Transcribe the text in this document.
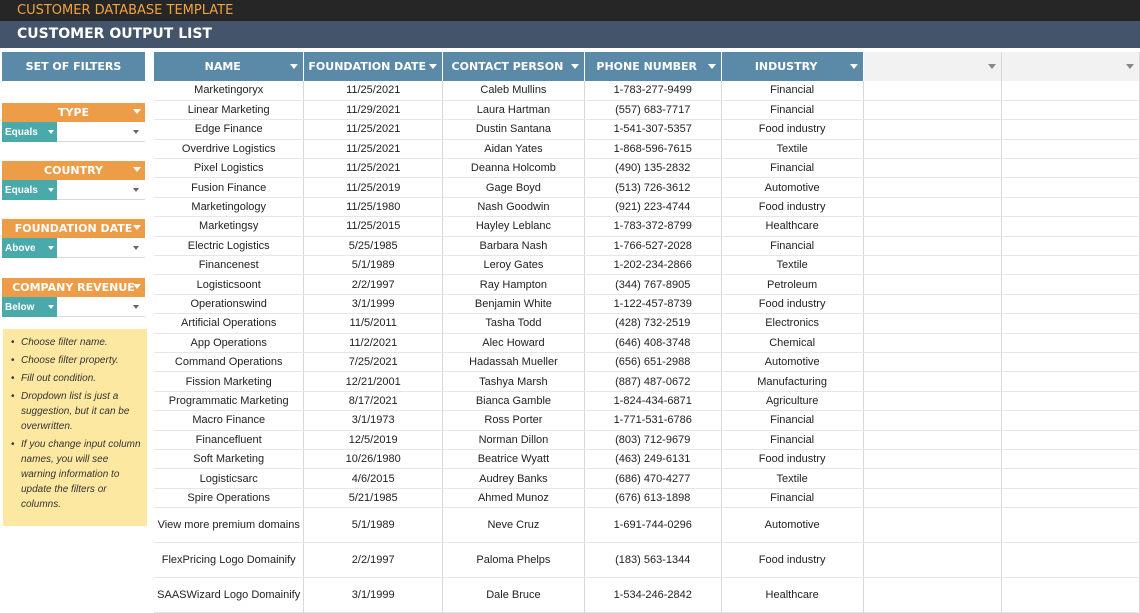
CUSTOMER DATABASE TEMPLATE
CUSTOMER OUTPUT LIST
SET OF FILTERS
TYPE
Equals
COUNTRY
Equals
FOUNDATION DATE
Above
COMPANY REVENUE
Below
• Choose filter name.
• Choose filter property.
• Fill out condition.
• Dropdown list is just a suggestion, but it can be overwritten.
• If you change input column names, you will see warning information to update the filters or columns.
NAME	FOUNDATION DATE	CONTACT PERSON	PHONE NUMBER	INDUSTRY

Marketingoryx	11/25/2021	Caleb Mullins	1-783-277-9499	Financial		
Linear Marketing	11/29/2021	Laura Hartman	(557) 683-7717	Financial		
Edge Finance	11/25/2021	Dustin Santana	1-541-307-5357	Food industry		
Overdrive Logistics	11/25/2021	Aidan Yates	1-868-596-7615	Textile		
Pixel Logistics	11/25/2021	Deanna Holcomb	(490) 135-2832	Financial		
Fusion Finance	11/25/2019	Gage Boyd	(513) 726-3612	Automotive		
Marketingology	11/25/1980	Nash Goodwin	(921) 223-4744	Food industry		
Marketingsy	11/25/2015	Hayley Leblanc	1-783-372-8799	Healthcare		
Electric Logistics	5/25/1985	Barbara Nash	1-766-527-2028	Financial		
Financenest	5/1/1989	Leroy Gates	1-202-234-2866	Textile		
Logisticsoont	2/2/1997	Ray Hampton	(344) 767-8905	Petroleum		
Operationswind	3/1/1999	Benjamin White	1-122-457-8739	Food industry		
Artificial Operations	11/5/2011	Tasha Todd	(428) 732-2519	Electronics		
App Operations	11/2/2021	Alec Howard	(646) 408-3748	Chemical		
Command Operations	7/25/2021	Hadassah Mueller	(656) 651-2988	Automotive		
Fission Marketing	12/21/2001	Tashya Marsh	(887) 487-0672	Manufacturing		
Programmatic Marketing	8/17/2021	Bianca Gamble	1-824-434-6871	Agriculture		
Macro Finance	3/1/1973	Ross Porter	1-771-531-6786	Financial		
Financefluent	12/5/2019	Norman Dillon	(803) 712-9679	Financial		
Soft Marketing	10/26/1980	Beatrice Wyatt	(463) 249-6131	Food industry		
Logisticsarc	4/6/2015	Audrey Banks	(686) 470-4277	Textile		
Spire Operations	5/21/1985	Ahmed Munoz	(676) 613-1898	Financial		
View more premium domains	5/1/1989	Neve Cruz	1-691-744-0296	Automotive		
FlexPricing Logo Domainify	2/2/1997	Paloma Phelps	(183) 563-1344	Food industry		
SAASWizard Logo Domainify	3/1/1999	Dale Bruce	1-534-246-2842	Healthcare		
